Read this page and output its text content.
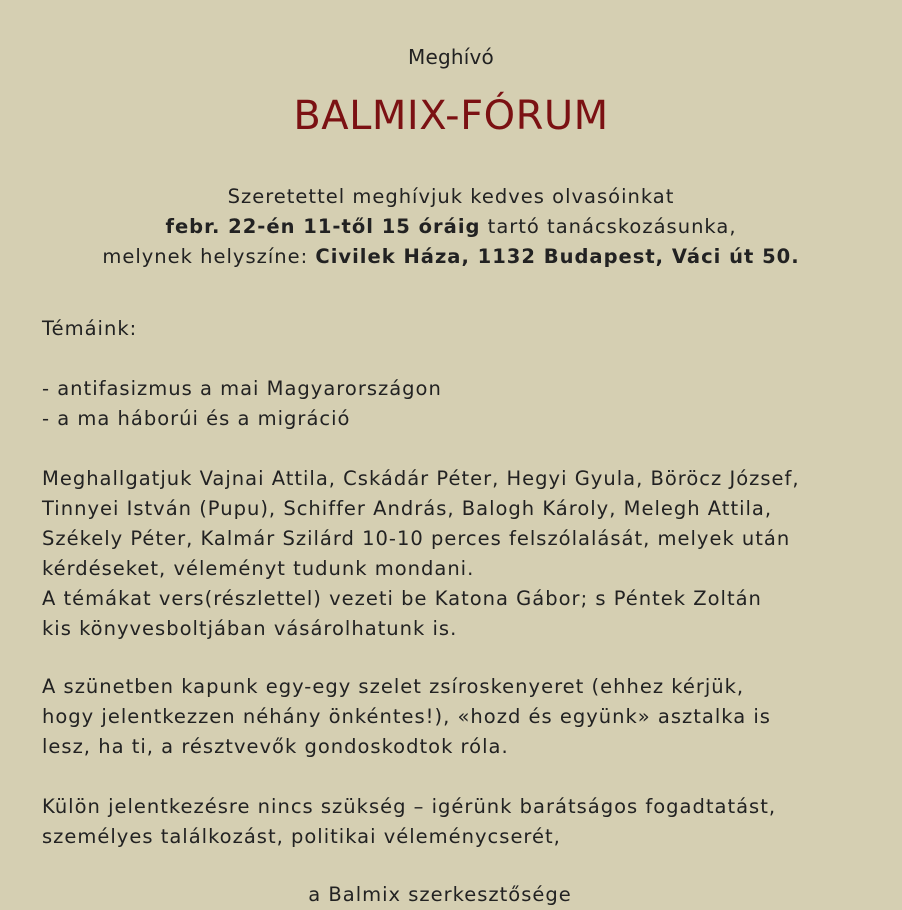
Meghívó
BALMIX-FÓRUM
Szeretettel meghívjuk kedves olvasóinkat
febr. 22-én 11-től 15 óráig tartó tanácskozásunka,
melynek helyszíne: Civilek Háza, 1132 Budapest, Váci út 50.
Témáink:
- antifasizmus a mai Magyarországon
- a ma háborúi és a migráció
Meghallgatjuk Vajnai Attila, Cskádár Péter, Hegyi Gyula, Böröcz József,
Tinnyei István (Pupu), Schiffer András, Balogh Károly, Melegh Attila,
Székely Péter, Kalmár Szilárd 10-10 perces felszólalását, melyek után
kérdéseket, véleményt tudunk mondani.
A témákat vers(részlettel) vezeti be Katona Gábor; s Péntek Zoltán
kis könyvesboltjában vásárolhatunk is.
A szünetben kapunk egy-egy szelet zsíroskenyeret (ehhez kérjük,
hogy jelentkezzen néhány önkéntes!), «hozd és együnk» asztalka is
lesz, ha ti, a résztvevők gondoskodtok róla.
Külön jelentkezésre nincs szükség – igérünk barátságos fogadtatást,
személyes találkozást, politikai véleménycserét,
a Balmix szerkesztősége
